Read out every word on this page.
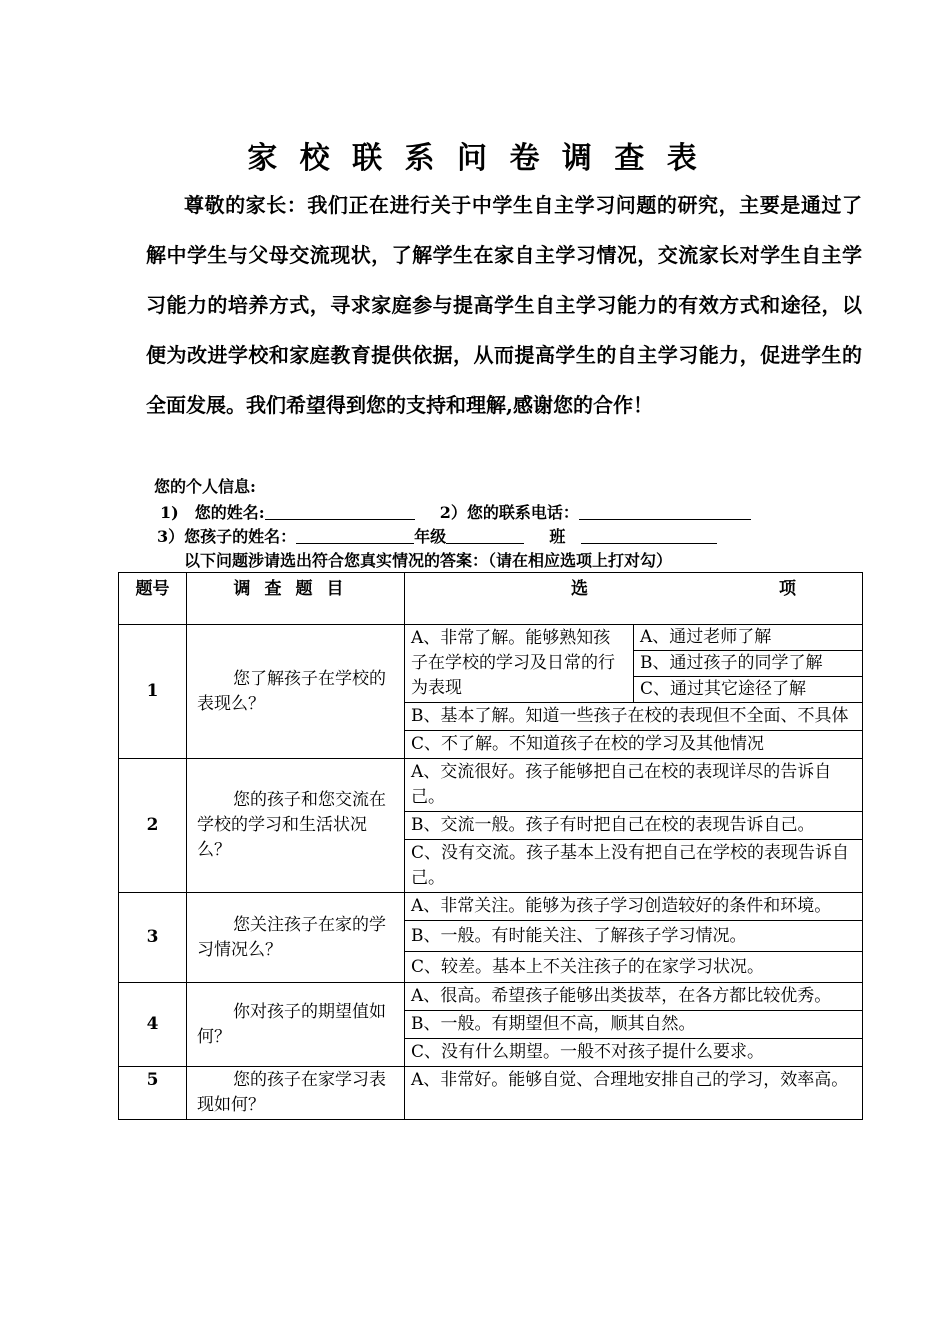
家 校 联 系 问 卷 调 查 表

尊敬的家长：我们正在进行关于中学生自主学习问题的研究，主要是通过了解中学生与父母交流现状，了解学生在家自主学习情况，交流家长对学生自主学习能力的培养方式，寻求家庭参与提高学生自主学习能力的有效方式和途径，以便为改进学校和家庭教育提供依据，从而提高学生的自主学习能力，促进学生的全面发展。我们希望得到您的支持和理解,感谢您的合作！

您的个人信息:
1)　您的姓名:	2）您的联系电话：
3）您孩子的姓名：	年级	班
以下问题涉请选出符合您真实情况的答案：（请在相应选项上打对勾）
题号	调查题目	选 项	

1	您了解孩子在学校的表现么？	A、非常了解。能够熟知孩子在学校的学习及日常的行为表现	A、通过老师了解
			B、通过孩子的同学了解
			C、通过其它途径了解
		B、基本了解。知道一些孩子在校的表现但不全面、不具体	
		C、不了解。不知道孩子在校的学习及其他情况	
2	您的孩子和您交流在学校的学习和生活状况么？	A、交流很好。孩子能够把自己在校的表现详尽的告诉自己。	
		B、交流一般。孩子有时把自己在校的表现告诉自己。	
		C、没有交流。孩子基本上没有把自己在学校的表现告诉自己。	
3	您关注孩子在家的学习情况么？	A、非常关注。能够为孩子学习创造较好的条件和环境。	
		B、一般。有时能关注、了解孩子学习情况。	
		C、较差。基本上不关注孩子的在家学习状况。	
4	你对孩子的期望值如何？	A、很高。希望孩子能够出类拔萃，在各方都比较优秀。	
		B、一般。有期望但不高，顺其自然。	
		C、没有什么期望。一般不对孩子提什么要求。	
5	您的孩子在家学习表现如何？	A、非常好。能够自觉、合理地安排自己的学习，效率高。	
